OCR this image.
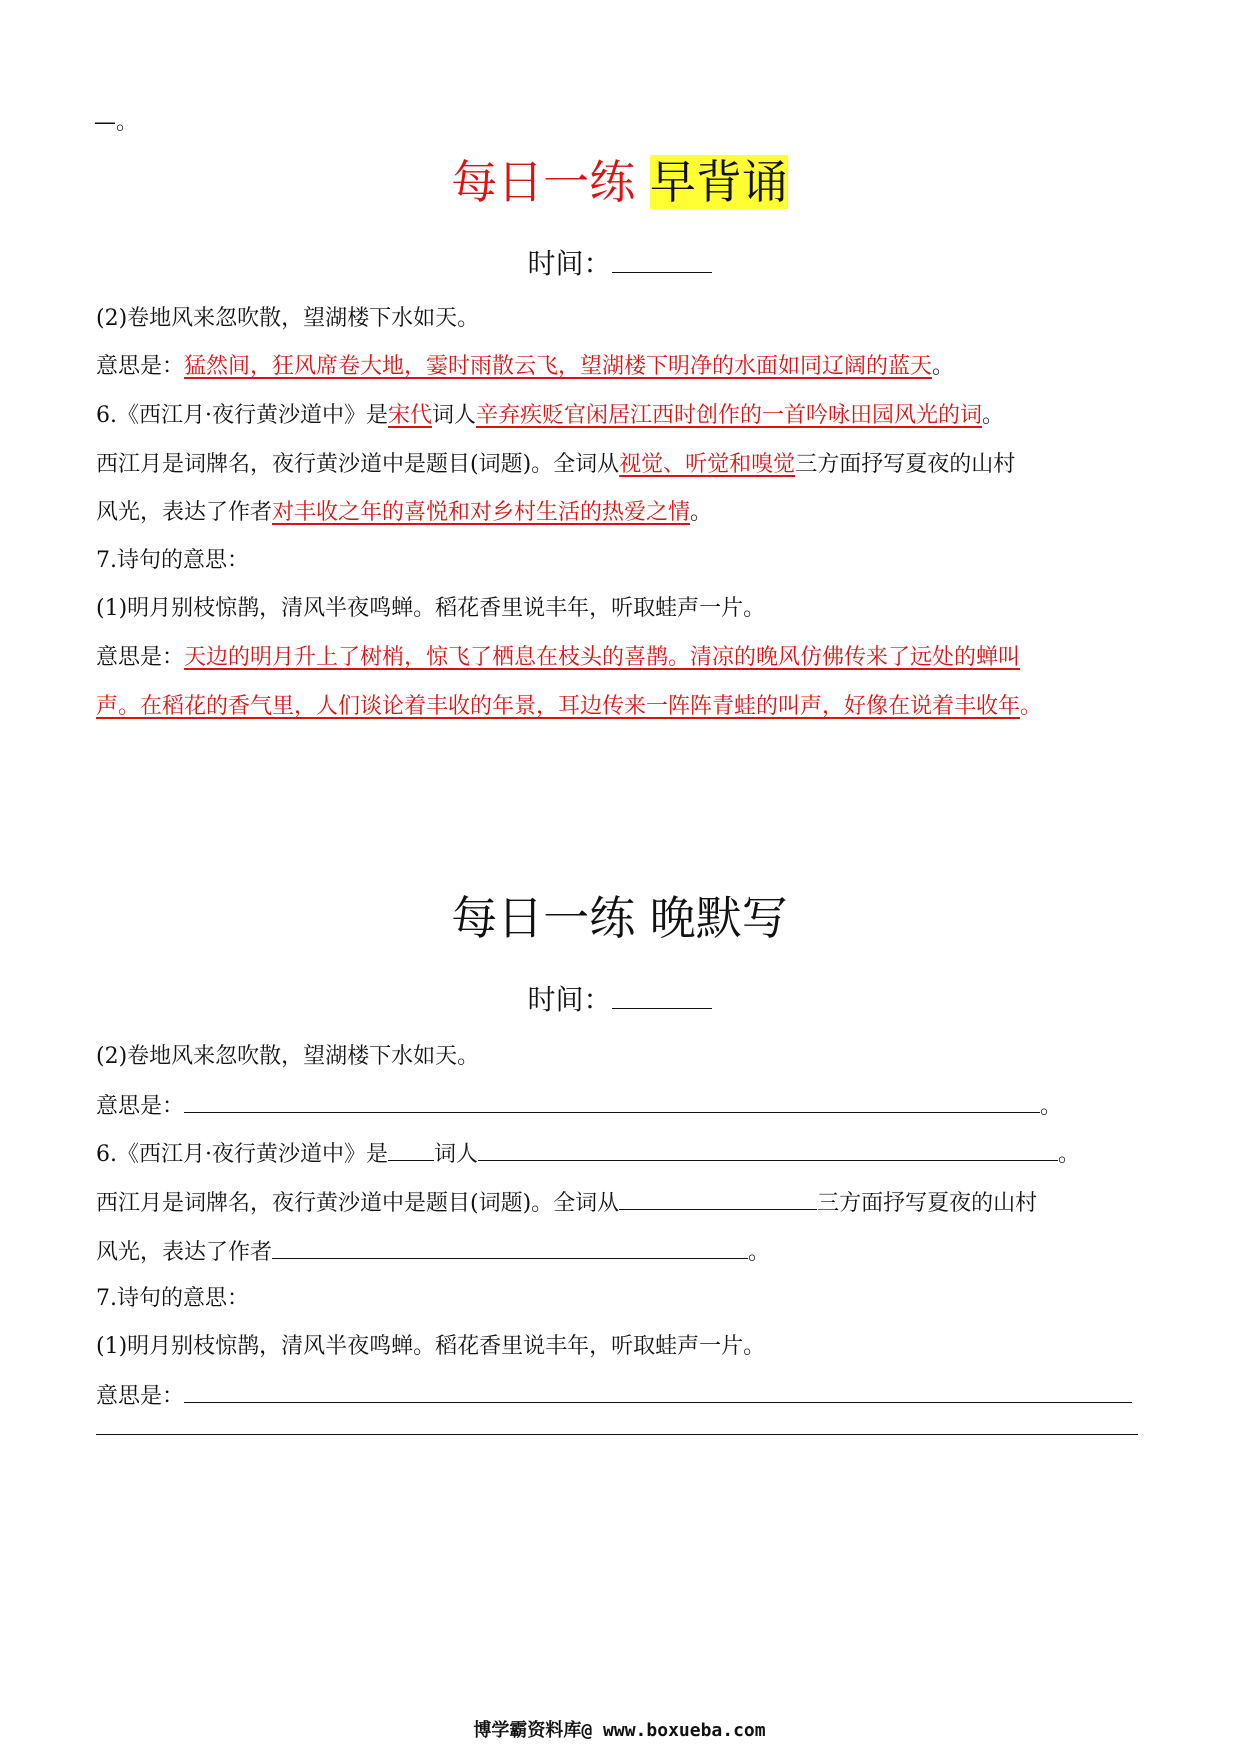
—。
每日一练 早背诵
时间：
(2)卷地风来忽吹散，望湖楼下水如天。
意思是：猛然间，狂风席卷大地，霎时雨散云飞，望湖楼下明净的水面如同辽阔的蓝天。
6.《西江月·夜行黄沙道中》是宋代词人辛弃疾贬官闲居江西时创作的一首吟咏田园风光的词。
西江月是词牌名，夜行黄沙道中是题目(词题)。全词从视觉、听觉和嗅觉三方面抒写夏夜的山村
风光，表达了作者对丰收之年的喜悦和对乡村生活的热爱之情。
7.诗句的意思：
(1)明月别枝惊鹊，清风半夜鸣蝉。稻花香里说丰年，听取蛙声一片。
意思是：天边的明月升上了树梢，惊飞了栖息在枝头的喜鹊。清凉的晚风仿佛传来了远处的蝉叫
声。在稻花的香气里，人们谈论着丰收的年景，耳边传来一阵阵青蛙的叫声，好像在说着丰收年。
每日一练 晚默写
时间：
(2)卷地风来忽吹散，望湖楼下水如天。
意思是：	。
6.《西江月·夜行黄沙道中》是 词人	。
西江月是词牌名，夜行黄沙道中是题目(词题)。全词从	三方面抒写夏夜的山村
风光，表达了作者	。
7.诗句的意思：
(1)明月别枝惊鹊，清风半夜鸣蝉。稻花香里说丰年，听取蛙声一片。
意思是：
博学霸资料库@ www.boxueba.com
